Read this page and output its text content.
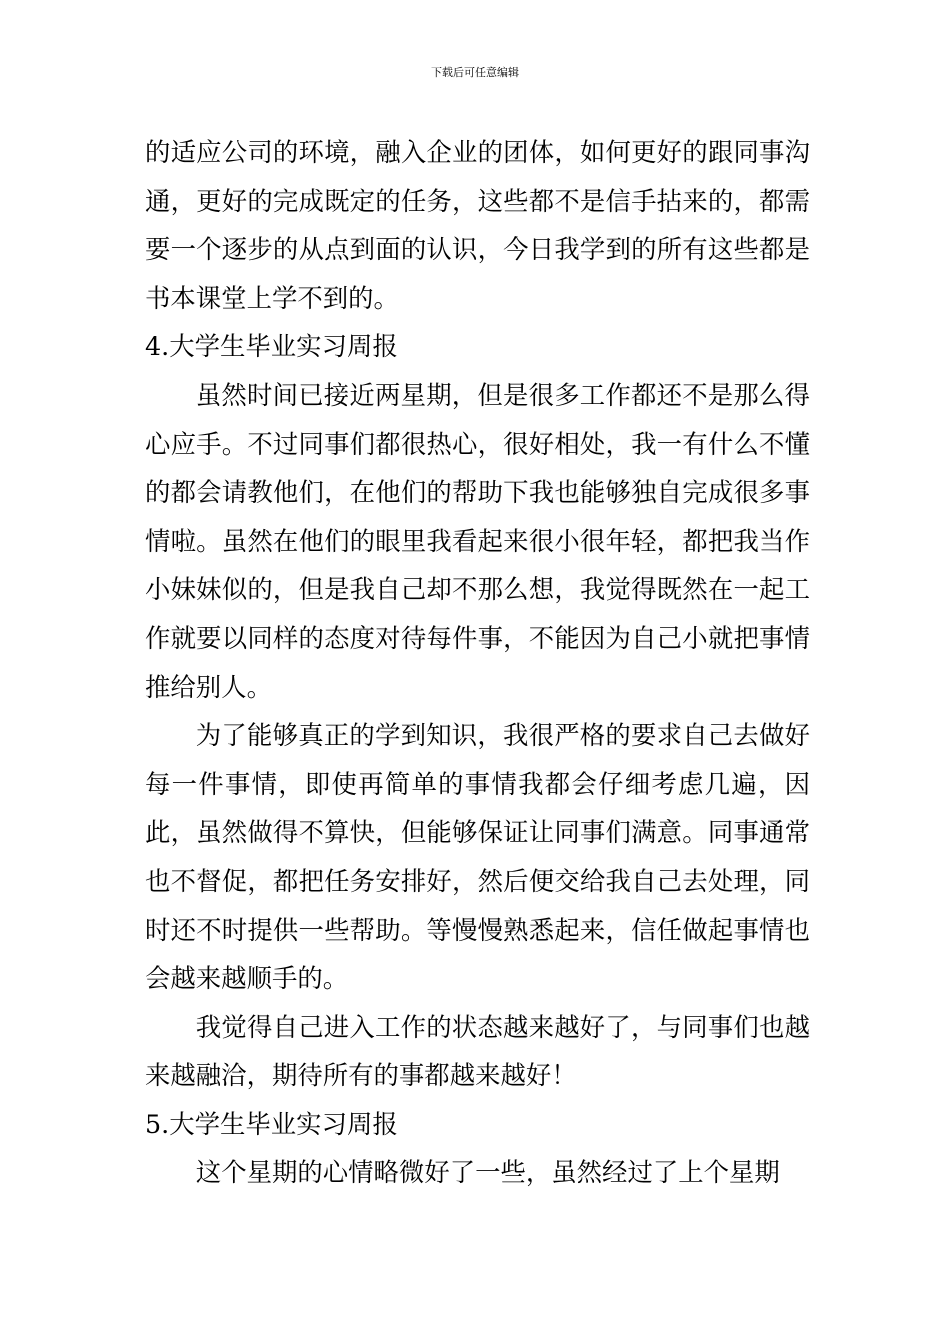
下载后可任意编辑

的适应公司的环境，融入企业的团体，如何更好的跟同事沟通，更好的完成既定的任务，这些都不是信手拈来的，都需要一个逐步的从点到面的认识，今日我学到的所有这些都是书本课堂上学不到的。

4.大学生毕业实习周报

虽然时间已接近两星期，但是很多工作都还不是那么得心应手。不过同事们都很热心，很好相处，我一有什么不懂的都会请教他们，在他们的帮助下我也能够独自完成很多事情啦。虽然在他们的眼里我看起来很小很年轻，都把我当作小妹妹似的，但是我自己却不那么想，我觉得既然在一起工作就要以同样的态度对待每件事，不能因为自己小就把事情推给别人。

为了能够真正的学到知识，我很严格的要求自己去做好每一件事情，即使再简单的事情我都会仔细考虑几遍，因此，虽然做得不算快，但能够保证让同事们满意。同事通常也不督促，都把任务安排好，然后便交给我自己去处理，同时还不时提供一些帮助。等慢慢熟悉起来，信任做起事情也会越来越顺手的。

我觉得自己进入工作的状态越来越好了，与同事们也越来越融洽，期待所有的事都越来越好！

5.大学生毕业实习周报

这个星期的心情略微好了一些，虽然经过了上个星期
